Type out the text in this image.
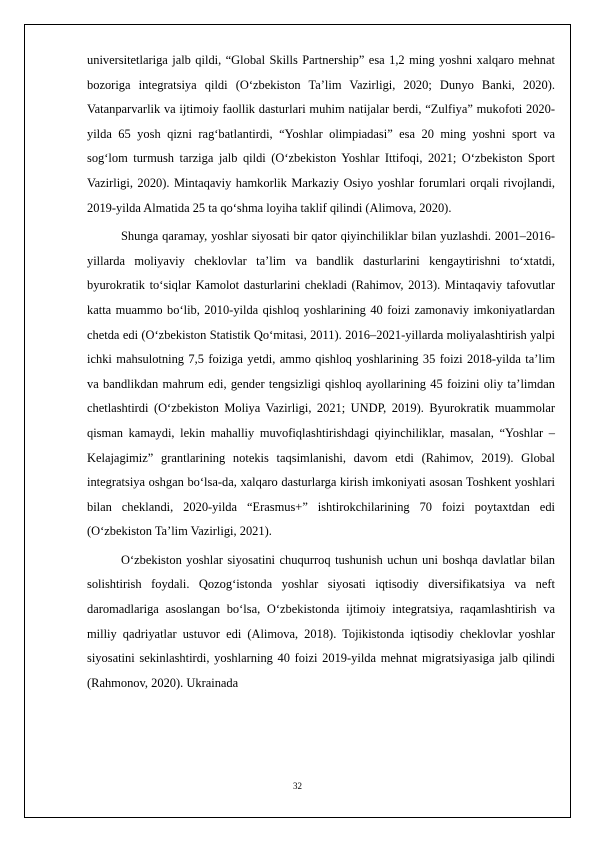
universitetlariga jalb qildi, “Global Skills Partnership” esa 1,2 ming yoshni xalqaro mehnat bozoriga integratsiya qildi (O‘zbekiston Ta’lim Vazirligi, 2020; Dunyo Banki, 2020). Vatanparvarlik va ijtimoiy faollik dasturlari muhim natijalar berdi, “Zulfiya” mukofoti 2020-yilda 65 yosh qizni rag‘batlantirdi, “Yoshlar olimpiadasi” esa 20 ming yoshni sport va sog‘lom turmush tarziga jalb qildi (O‘zbekiston Yoshlar Ittifoqi, 2021; O‘zbekiston Sport Vazirligi, 2020). Mintaqaviy hamkorlik Markaziy Osiyo yoshlar forumlari orqali rivojlandi, 2019-yilda Almatida 25 ta qo‘shma loyiha taklif qilindi (Alimova, 2020).

Shunga qaramay, yoshlar siyosati bir qator qiyinchiliklar bilan yuzlashdi. 2001–2016-yillarda moliyaviy cheklovlar ta’lim va bandlik dasturlarini kengaytirishni to‘xtatdi, byurokratik to‘siqlar Kamolot dasturlarini chekladi (Rahimov, 2013). Mintaqaviy tafovutlar katta muammo bo‘lib, 2010-yilda qishloq yoshlarining 40 foizi zamonaviy imkoniyatlardan chetda edi (O‘zbekiston Statistik Qo‘mitasi, 2011). 2016–2021-yillarda moliyalashtirish yalpi ichki mahsulotning 7,5 foiziga yetdi, ammo qishloq yoshlarining 35 foizi 2018-yilda ta’lim va bandlikdan mahrum edi, gender tengsizligi qishloq ayollarining 45 foizini oliy ta’limdan chetlashtirdi (O‘zbekiston Moliya Vazirligi, 2021; UNDP, 2019). Byurokratik muammolar qisman kamaydi, lekin mahalliy muvofiqlashtirishdagi qiyinchiliklar, masalan, “Yoshlar – Kelajagimiz” grantlarining notekis taqsimlanishi, davom etdi (Rahimov, 2019). Global integratsiya oshgan bo‘lsa-da, xalqaro dasturlarga kirish imkoniyati asosan Toshkent yoshlari bilan cheklandi, 2020-yilda “Erasmus+” ishtirokchilarining 70 foizi poytaxtdan edi (O‘zbekiston Ta’lim Vazirligi, 2021).

O‘zbekiston yoshlar siyosatini chuqurroq tushunish uchun uni boshqa davlatlar bilan solishtirish foydali. Qozog‘istonda yoshlar siyosati iqtisodiy diversifikatsiya va neft daromadlariga asoslangan bo‘lsa, O‘zbekistonda ijtimoiy integratsiya, raqamlashtirish va milliy qadriyatlar ustuvor edi (Alimova, 2018). Tojikistonda iqtisodiy cheklovlar yoshlar siyosatini sekinlashtirdi, yoshlarning 40 foizi 2019-yilda mehnat migratsiyasiga jalb qilindi (Rahmonov, 2020). Ukrainada

32
